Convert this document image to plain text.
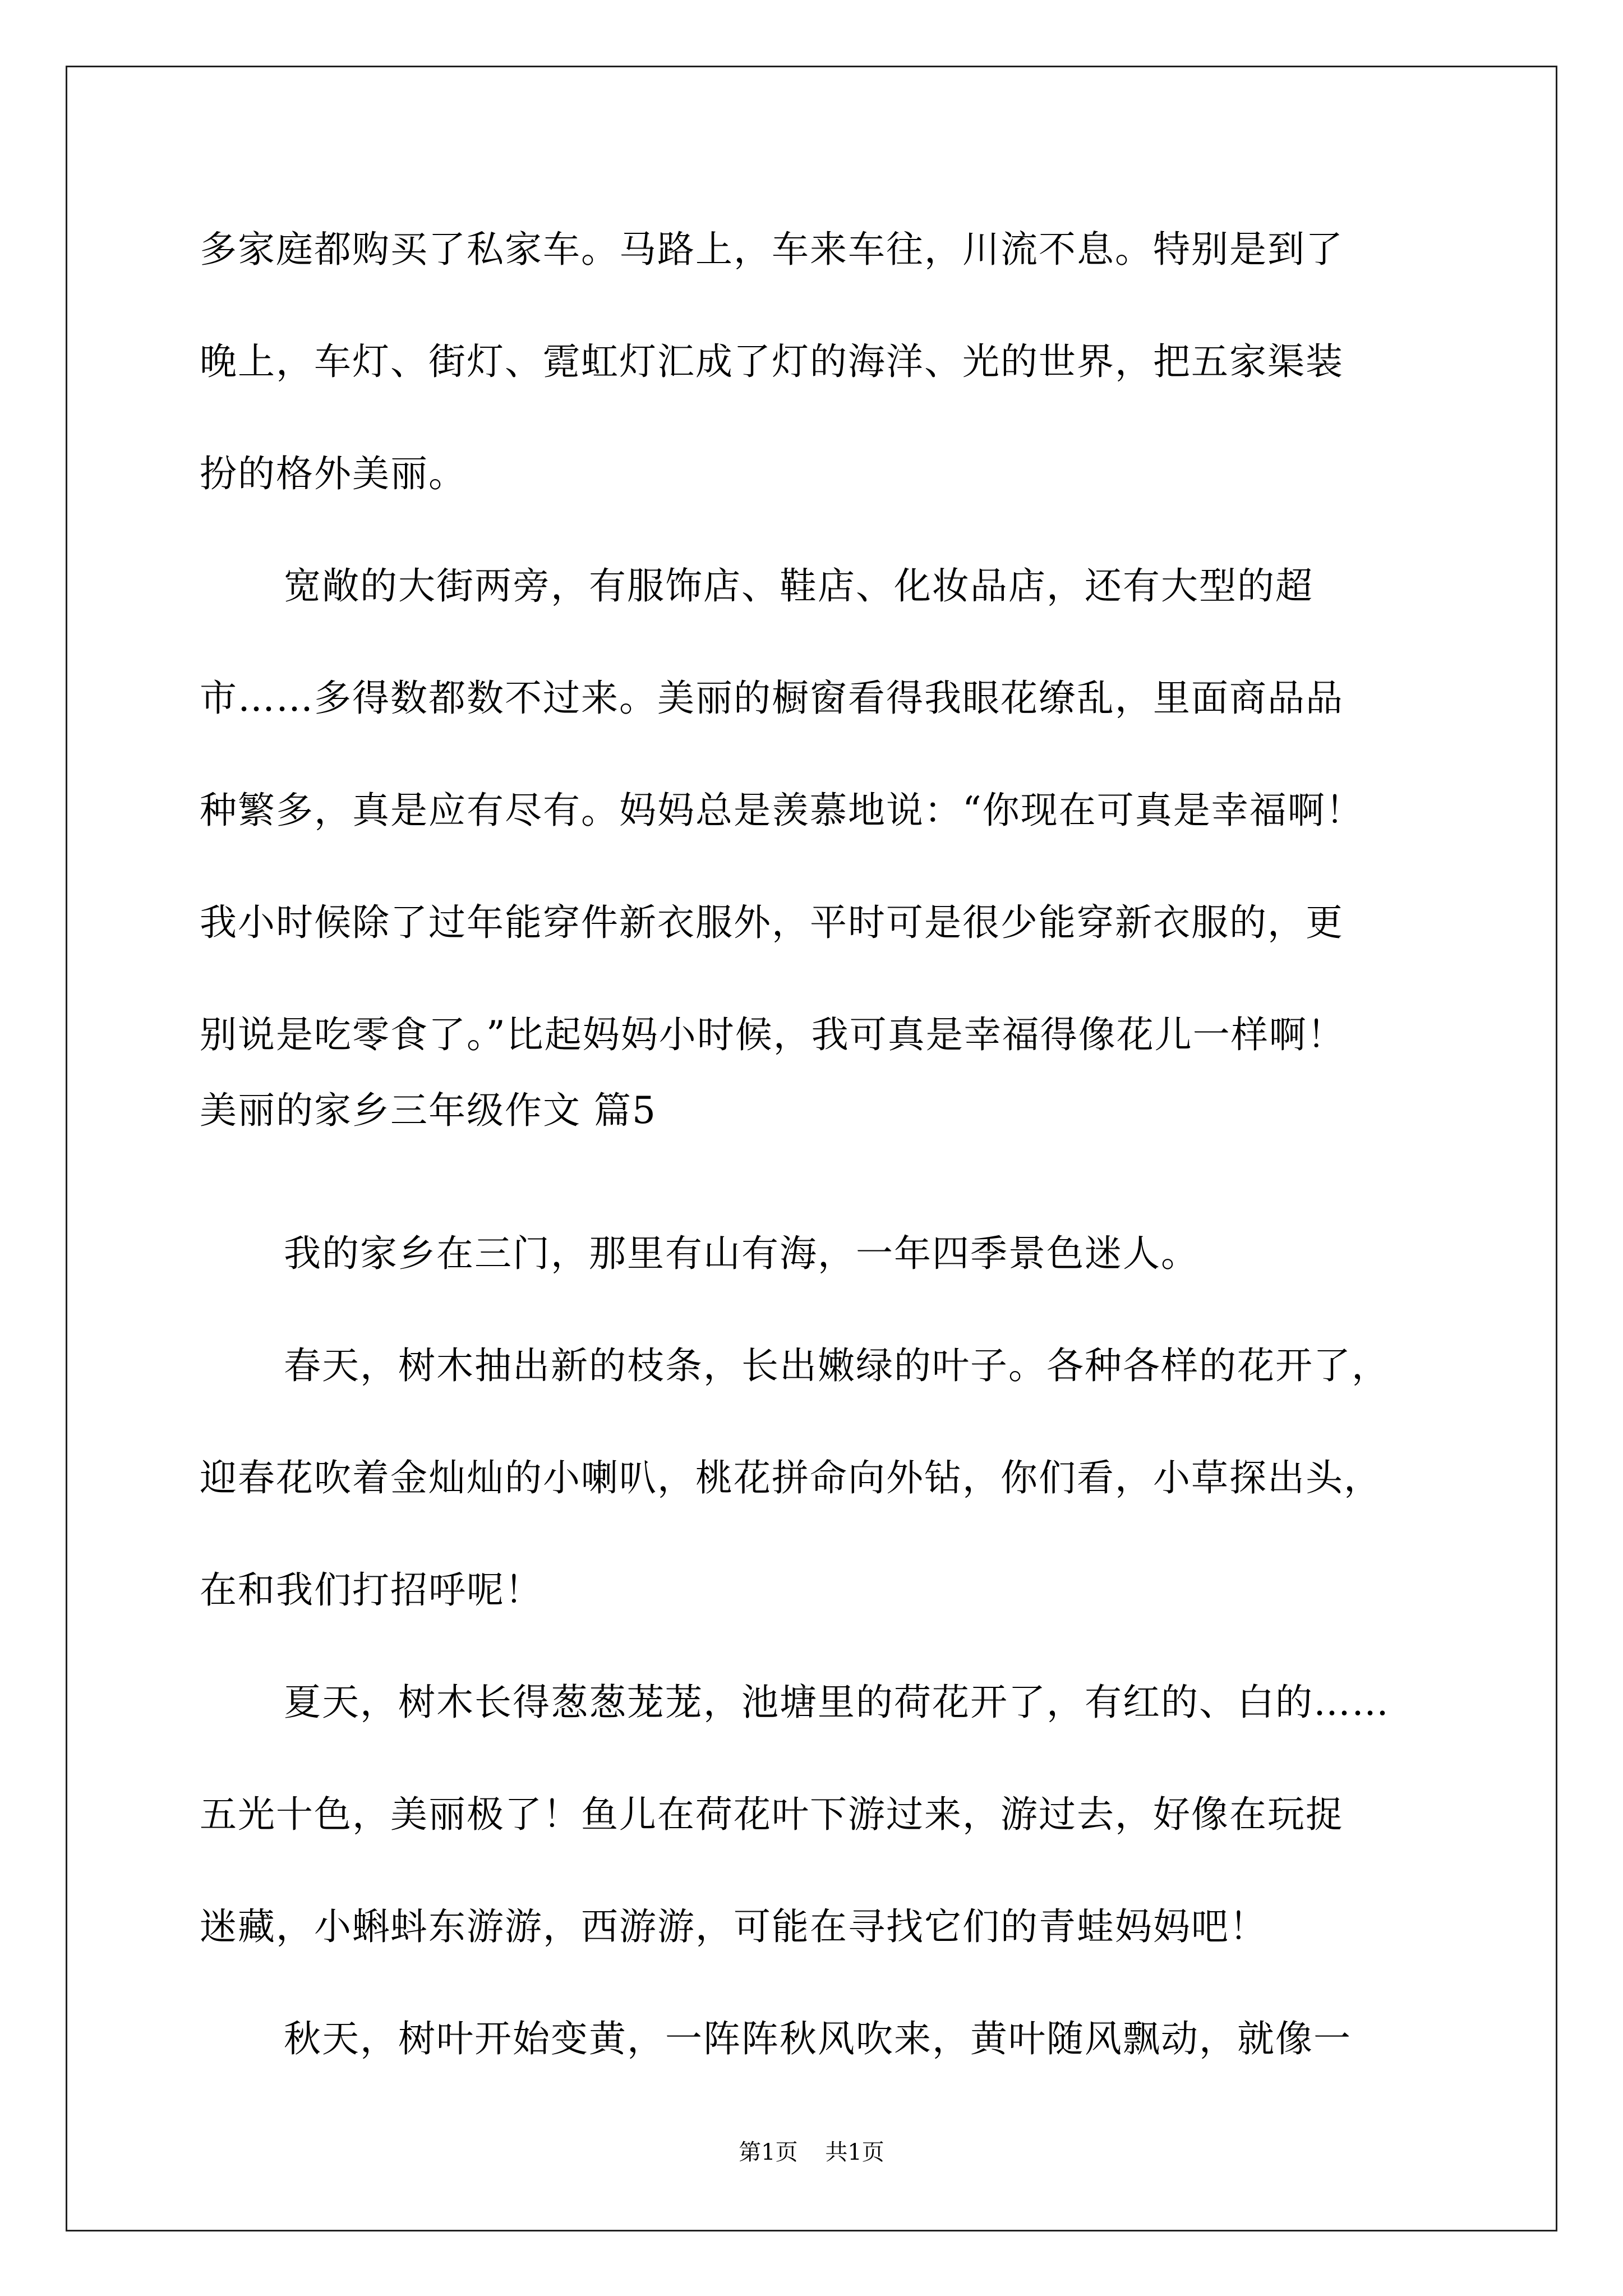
多家庭都购买了私家车。马路上，车来车往，川流不息。特别是到了
晚上，车灯、街灯、霓虹灯汇成了灯的海洋、光的世界，把五家渠装
扮的格外美丽。
宽敞的大街两旁，有服饰店、鞋店、化妆品店，还有大型的超
市……多得数都数不过来。美丽的橱窗看得我眼花缭乱，里面商品品
种繁多，真是应有尽有。妈妈总是羡慕地说：“你现在可真是幸福啊！
我小时候除了过年能穿件新衣服外，平时可是很少能穿新衣服的，更
别说是吃零食了。”比起妈妈小时候，我可真是幸福得像花儿一样啊！
美丽的家乡三年级作文 篇5
我的家乡在三门，那里有山有海，一年四季景色迷人。
春天，树木抽出新的枝条，长出嫩绿的叶子。各种各样的花开了，
迎春花吹着金灿灿的小喇叭，桃花拼命向外钻，你们看，小草探出头，
在和我们打招呼呢！
夏天，树木长得葱葱茏茏，池塘里的荷花开了，有红的、白的……
五光十色，美丽极了！鱼儿在荷花叶下游过来，游过去，好像在玩捉
迷藏，小蝌蚪东游游，西游游，可能在寻找它们的青蛙妈妈吧！
秋天，树叶开始变黄，一阵阵秋风吹来，黄叶随风飘动，就像一
第1页 共1页
